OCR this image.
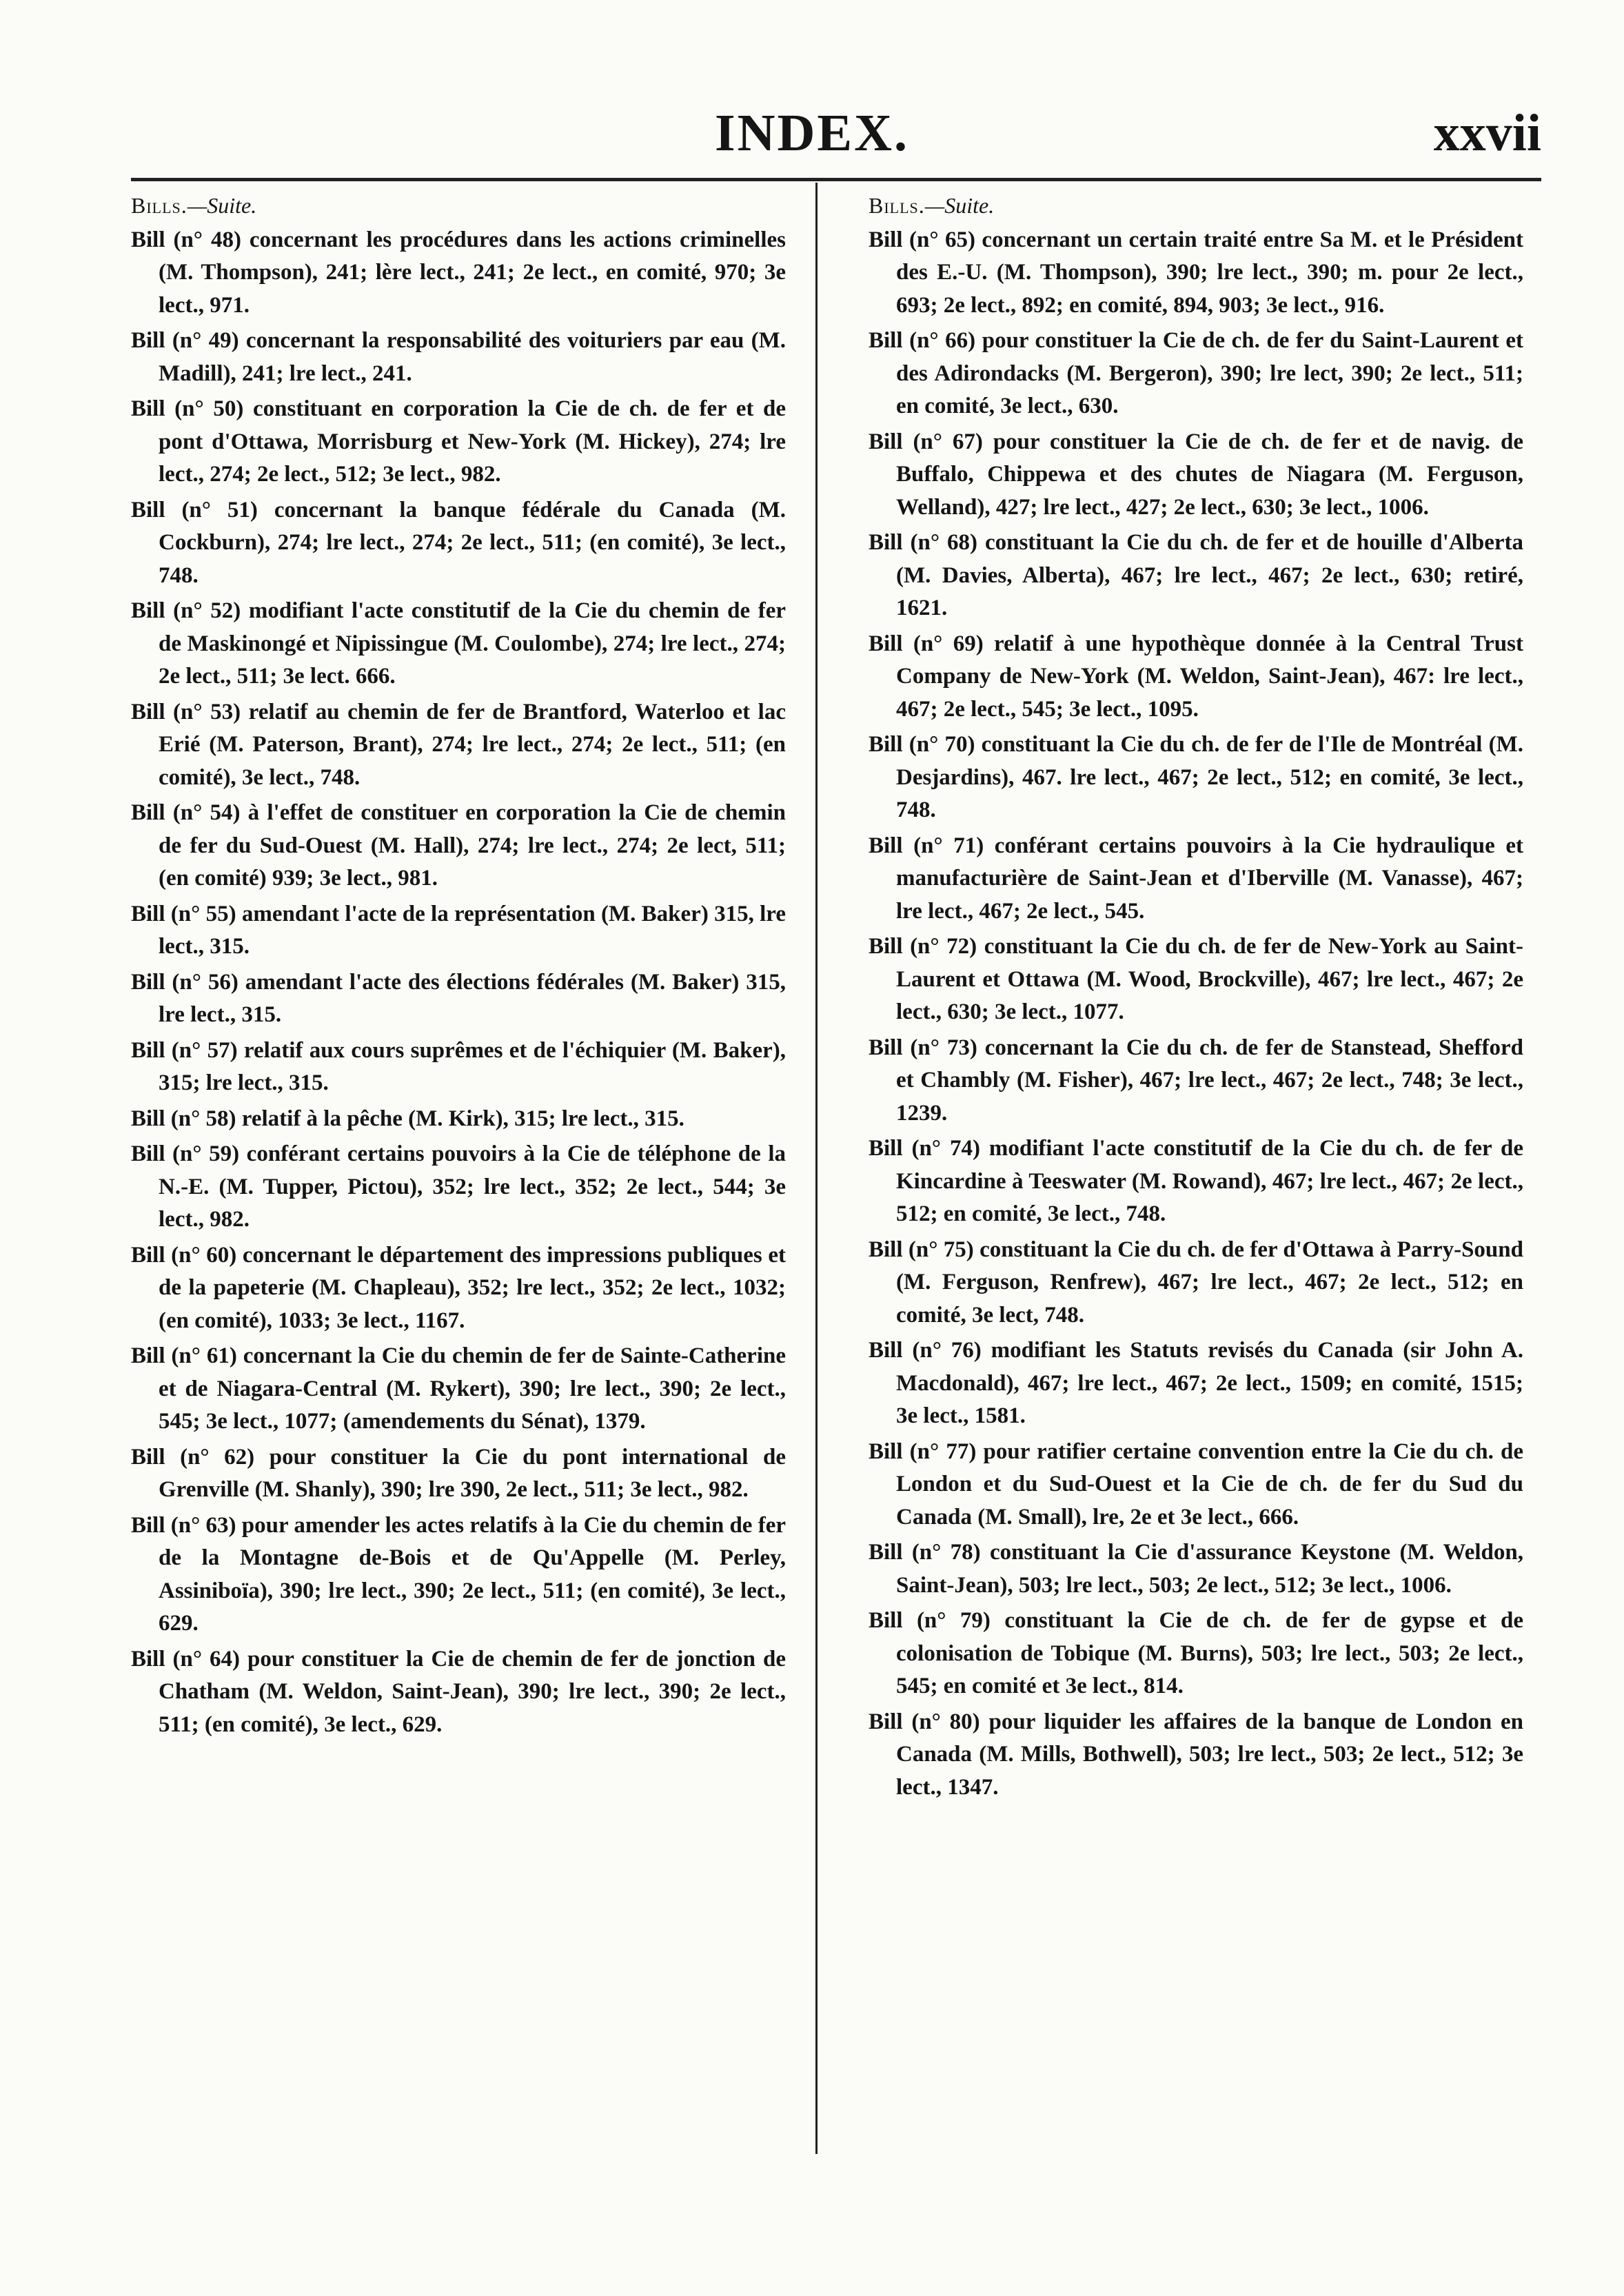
INDEX.	xxvii
Bills.—Suite.
Bill (n° 48) concernant les procédures dans les actions criminelles (M. Thompson), 241; lère lect., 241; 2e lect., en comité, 970; 3e lect., 971.
Bill (n° 49) concernant la responsabilité des voituriers par eau (M. Madill), 241; lre lect., 241.
Bill (n° 50) constituant en corporation la Cie de ch. de fer et de pont d'Ottawa, Morrisburg et New-York (M. Hickey), 274; lre lect., 274; 2e lect., 512; 3e lect., 982.
Bill (n° 51) concernant la banque fédérale du Canada (M. Cockburn), 274; lre lect., 274; 2e lect., 511; (en comité), 3e lect., 748.
Bill (n° 52) modifiant l'acte constitutif de la Cie du chemin de fer de Maskinongé et Nipissingue (M. Coulombe), 274; lre lect., 274; 2e lect., 511; 3e lect. 666.
Bill (n° 53) relatif au chemin de fer de Brantford, Waterloo et lac Erié (M. Paterson, Brant), 274; lre lect., 274; 2e lect., 511; (en comité), 3e lect., 748.
Bill (n° 54) à l'effet de constituer en corporation la Cie de chemin de fer du Sud-Ouest (M. Hall), 274; lre lect., 274; 2e lect, 511; (en comité) 939; 3e lect., 981.
Bill (n° 55) amendant l'acte de la représentation (M. Baker) 315, lre lect., 315.
Bill (n° 56) amendant l'acte des élections fédérales (M. Baker) 315, lre lect., 315.
Bill (n° 57) relatif aux cours suprêmes et de l'échiquier (M. Baker), 315; lre lect., 315.
Bill (n° 58) relatif à la pêche (M. Kirk), 315; lre lect., 315.
Bill (n° 59) conférant certains pouvoirs à la Cie de téléphone de la N.-E. (M. Tupper, Pictou), 352; lre lect., 352; 2e lect., 544; 3e lect., 982.
Bill (n° 60) concernant le département des impressions publiques et de la papeterie (M. Chapleau), 352; lre lect., 352; 2e lect., 1032; (en comité), 1033; 3e lect., 1167.
Bill (n° 61) concernant la Cie du chemin de fer de Sainte-Catherine et de Niagara-Central (M. Rykert), 390; lre lect., 390; 2e lect., 545; 3e lect., 1077; (amendements du Sénat), 1379.
Bill (n° 62) pour constituer la Cie du pont international de Grenville (M. Shanly), 390; lre 390, 2e lect., 511; 3e lect., 982.
Bill (n° 63) pour amender les actes relatifs à la Cie du chemin de fer de la Montagne de-Bois et de Qu'Appelle (M. Perley, Assiniboïa), 390; lre lect., 390; 2e lect., 511; (en comité), 3e lect., 629.
Bill (n° 64) pour constituer la Cie de chemin de fer de jonction de Chatham (M. Weldon, Saint-Jean), 390; lre lect., 390; 2e lect., 511; (en comité), 3e lect., 629.
Bills.—Suite.
Bill (n° 65) concernant un certain traité entre Sa M. et le Président des E.-U. (M. Thompson), 390; lre lect., 390; m. pour 2e lect., 693; 2e lect., 892; en comité, 894, 903; 3e lect., 916.
Bill (n° 66) pour constituer la Cie de ch. de fer du Saint-Laurent et des Adirondacks (M. Bergeron), 390; lre lect, 390; 2e lect., 511; en comité, 3e lect., 630.
Bill (n° 67) pour constituer la Cie de ch. de fer et de navig. de Buffalo, Chippewa et des chutes de Niagara (M. Ferguson, Welland), 427; lre lect., 427; 2e lect., 630; 3e lect., 1006.
Bill (n° 68) constituant la Cie du ch. de fer et de houille d'Alberta (M. Davies, Alberta), 467; lre lect., 467; 2e lect., 630; retiré, 1621.
Bill (n° 69) relatif à une hypothèque donnée à la Central Trust Company de New-York (M. Weldon, Saint-Jean), 467: lre lect., 467; 2e lect., 545; 3e lect., 1095.
Bill (n° 70) constituant la Cie du ch. de fer de l'Ile de Montréal (M. Desjardins), 467. lre lect., 467; 2e lect., 512; en comité, 3e lect., 748.
Bill (n° 71) conférant certains pouvoirs à la Cie hydraulique et manufacturière de Saint-Jean et d'Iberville (M. Vanasse), 467; lre lect., 467; 2e lect., 545.
Bill (n° 72) constituant la Cie du ch. de fer de New-York au Saint-Laurent et Ottawa (M. Wood, Brockville), 467; lre lect., 467; 2e lect., 630; 3e lect., 1077.
Bill (n° 73) concernant la Cie du ch. de fer de Stanstead, Shefford et Chambly (M. Fisher), 467; lre lect., 467; 2e lect., 748; 3e lect., 1239.
Bill (n° 74) modifiant l'acte constitutif de la Cie du ch. de fer de Kincardine à Teeswater (M. Rowand), 467; lre lect., 467; 2e lect., 512; en comité, 3e lect., 748.
Bill (n° 75) constituant la Cie du ch. de fer d'Ottawa à Parry-Sound (M. Ferguson, Renfrew), 467; lre lect., 467; 2e lect., 512; en comité, 3e lect, 748.
Bill (n° 76) modifiant les Statuts revisés du Canada (sir John A. Macdonald), 467; lre lect., 467; 2e lect., 1509; en comité, 1515; 3e lect., 1581.
Bill (n° 77) pour ratifier certaine convention entre la Cie du ch. de London et du Sud-Ouest et la Cie de ch. de fer du Sud du Canada (M. Small), lre, 2e et 3e lect., 666.
Bill (n° 78) constituant la Cie d'assurance Keystone (M. Weldon, Saint-Jean), 503; lre lect., 503; 2e lect., 512; 3e lect., 1006.
Bill (n° 79) constituant la Cie de ch. de fer de gypse et de colonisation de Tobique (M. Burns), 503; lre lect., 503; 2e lect., 545; en comité et 3e lect., 814.
Bill (n° 80) pour liquider les affaires de la banque de London en Canada (M. Mills, Bothwell), 503; lre lect., 503; 2e lect., 512; 3e lect., 1347.
